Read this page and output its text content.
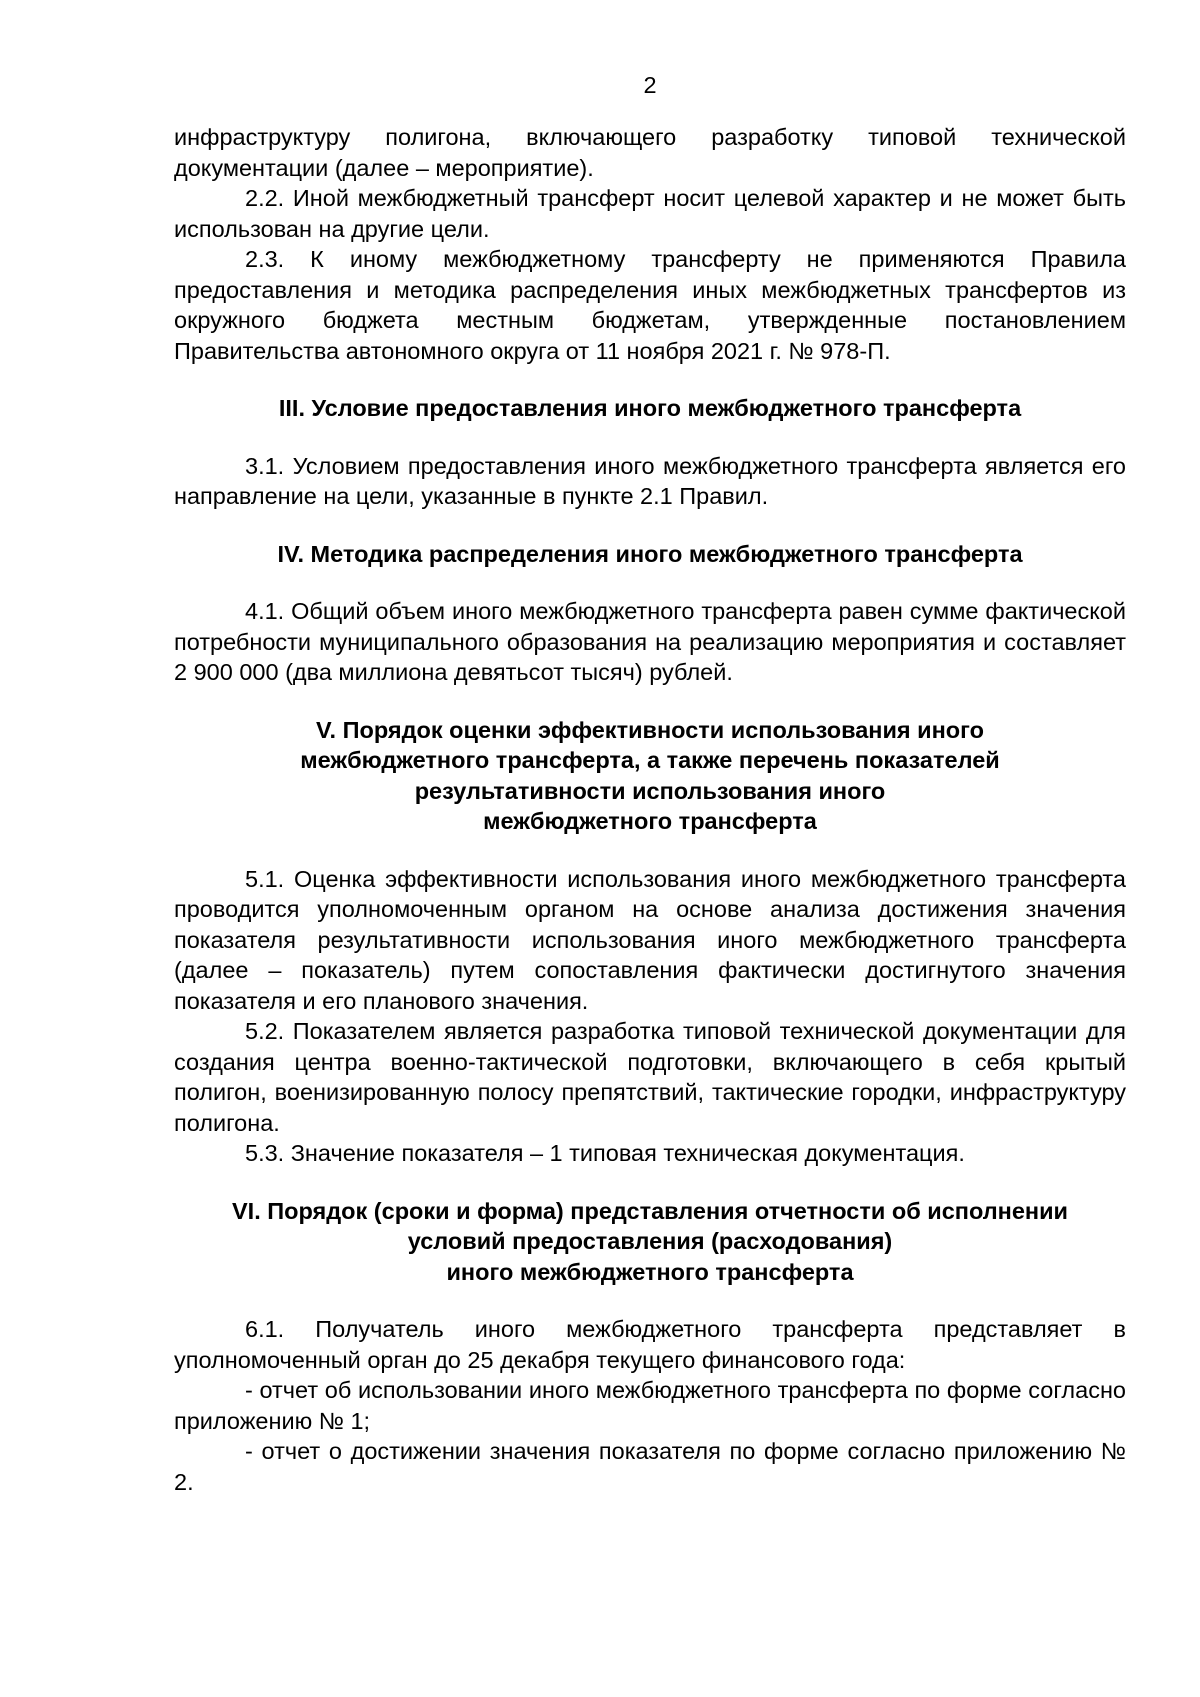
2

инфраструктуру полигона, включающего разработку типовой технической документации (далее – мероприятие).

2.2. Иной межбюджетный трансферт носит целевой характер и не может быть использован на другие цели.

2.3. К иному межбюджетному трансферту не применяются Правила предоставления и методика распределения иных межбюджетных трансфертов из окружного бюджета местным бюджетам, утвержденные постановлением Правительства автономного округа от 11 ноября 2021 г. № 978-П.

III. Условие предоставления иного межбюджетного трансферта

3.1. Условием предоставления иного межбюджетного трансферта является его направление на цели, указанные в пункте 2.1 Правил.

IV. Методика распределения иного межбюджетного трансферта

4.1. Общий объем иного межбюджетного трансферта равен сумме фактической потребности муниципального образования на реализацию мероприятия и составляет 2 900 000 (два миллиона девятьсот тысяч) рублей.

V. Порядок оценки эффективности использования иного
межбюджетного трансферта, а также перечень показателей
результативности использования иного
межбюджетного трансферта

5.1. Оценка эффективности использования иного межбюджетного трансферта проводится уполномоченным органом на основе анализа достижения значения показателя результативности использования иного межбюджетного трансферта (далее – показатель) путем сопоставления фактически достигнутого значения показателя и его планового значения.

5.2. Показателем является разработка типовой технической документации для создания центра военно-тактической подготовки, включающего в себя крытый полигон, военизированную полосу препятствий, тактические городки, инфраструктуру полигона.

5.3. Значение показателя – 1 типовая техническая документация.

VI. Порядок (сроки и форма) представления отчетности об исполнении
условий предоставления (расходования)
иного межбюджетного трансферта

6.1. Получатель иного межбюджетного трансферта представляет в уполномоченный орган до 25 декабря текущего финансового года:

- отчет об использовании иного межбюджетного трансферта по форме согласно приложению № 1;

- отчет о достижении значения показателя по форме согласно приложению № 2.
